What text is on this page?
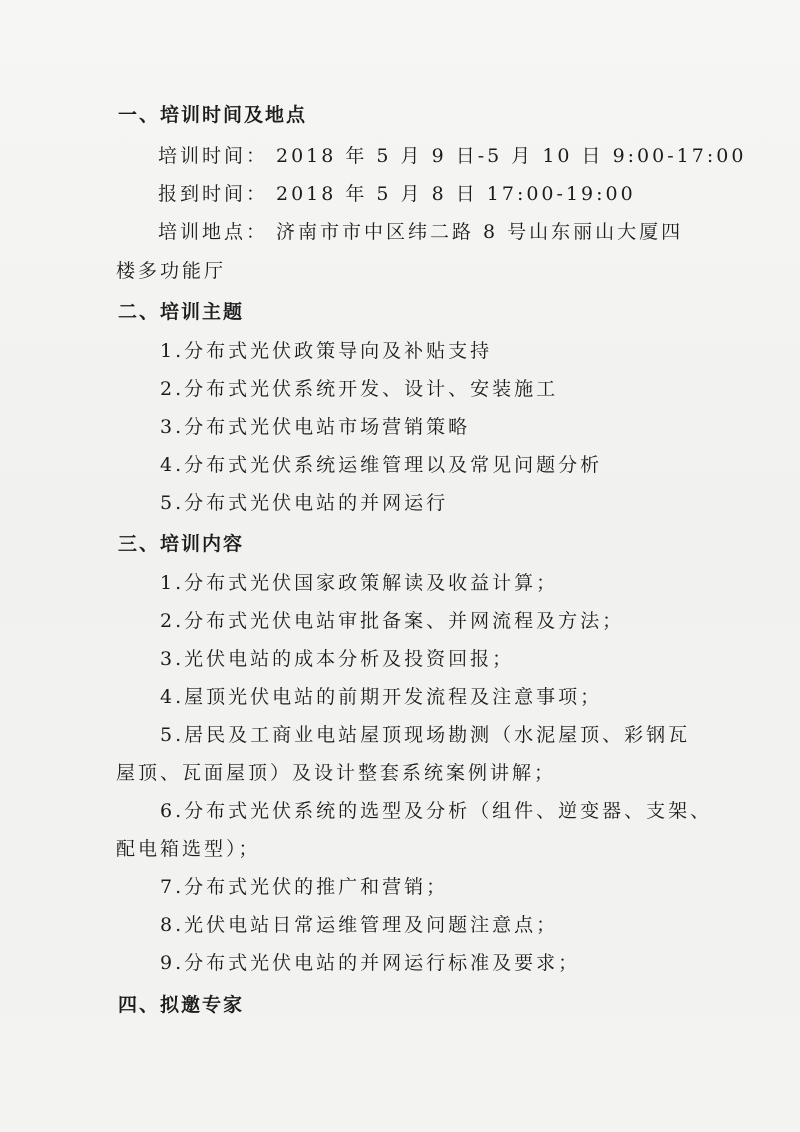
一、培训时间及地点
培训时间： 2018 年 5 月 9 日-5 月 10 日 9:00-17:00
报到时间： 2018 年 5 月 8 日 17:00-19:00
培训地点： 济南市市中区纬二路 8 号山东丽山大厦四
楼多功能厅
二、培训主题
1.分布式光伏政策导向及补贴支持
2.分布式光伏系统开发、设计、安装施工
3.分布式光伏电站市场营销策略
4.分布式光伏系统运维管理以及常见问题分析
5.分布式光伏电站的并网运行
三、培训内容
1.分布式光伏国家政策解读及收益计算；
2.分布式光伏电站审批备案、并网流程及方法；
3.光伏电站的成本分析及投资回报；
4.屋顶光伏电站的前期开发流程及注意事项；
5.居民及工商业电站屋顶现场勘测（水泥屋顶、彩钢瓦
屋顶、瓦面屋顶）及设计整套系统案例讲解；
6.分布式光伏系统的选型及分析（组件、逆变器、支架、
配电箱选型）；
7.分布式光伏的推广和营销；
8.光伏电站日常运维管理及问题注意点；
9.分布式光伏电站的并网运行标准及要求；
四、拟邀专家
